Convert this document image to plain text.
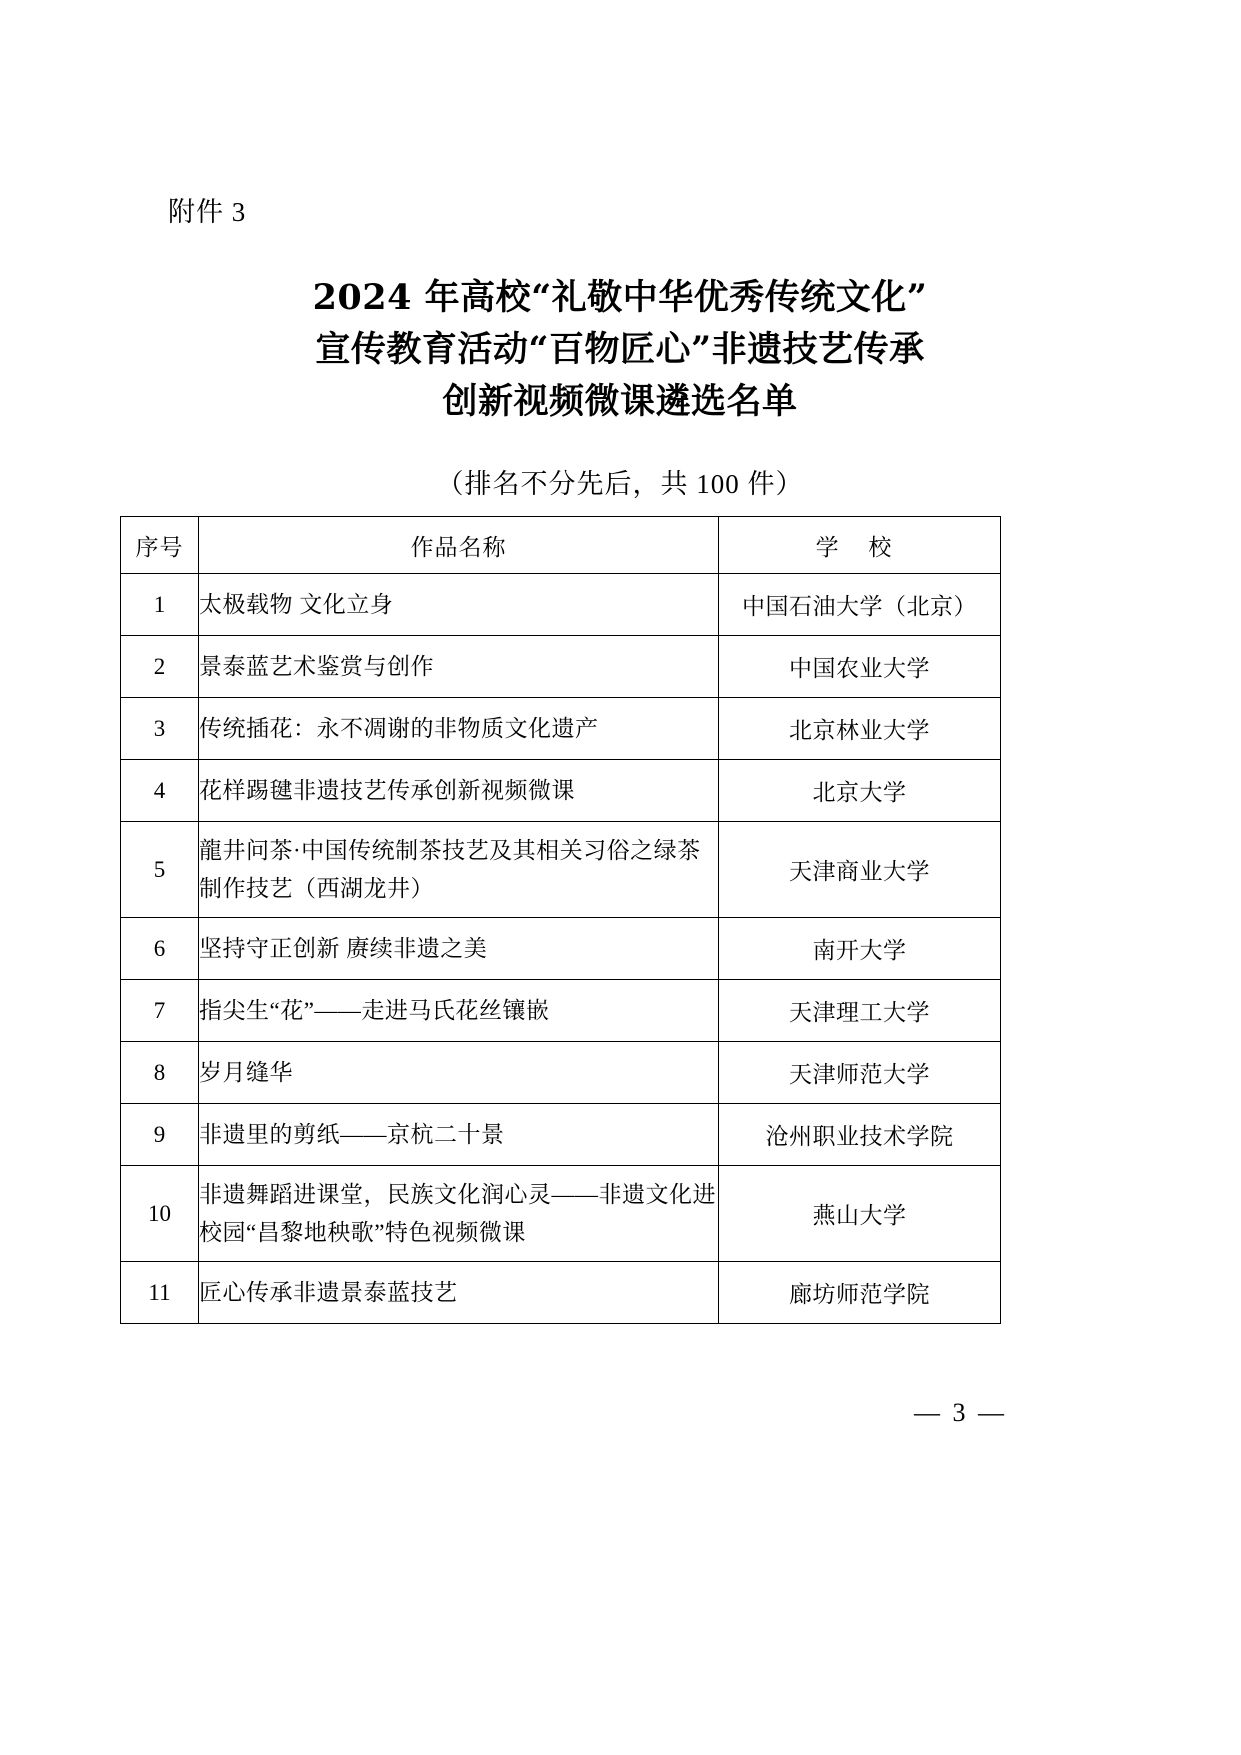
附件 3
2024 年高校“礼敬中华优秀传统文化”
宣传教育活动“百物匠心”非遗技艺传承
创新视频微课遴选名单
（排名不分先后，共 100 件）
序号	作品名称	学 校
1	太极载物 文化立身	中国石油大学（北京）
2	景泰蓝艺术鉴赏与创作	中国农业大学
3	传统插花：永不凋谢的非物质文化遗产	北京林业大学
4	花样踢毽非遗技艺传承创新视频微课	北京大学
5	龍井问茶·中国传统制茶技艺及其相关习俗之绿茶制作技艺（西湖龙井）	天津商业大学
6	坚持守正创新 赓续非遗之美	南开大学
7	指尖生“花”——走进马氏花丝镶嵌	天津理工大学
8	岁月缝华	天津师范大学
9	非遗里的剪纸——京杭二十景	沧州职业技术学院
10	非遗舞蹈进课堂，民族文化润心灵——非遗文化进校园“昌黎地秧歌”特色视频微课	燕山大学
11	匠心传承非遗景泰蓝技艺	廊坊师范学院
— 3 —
